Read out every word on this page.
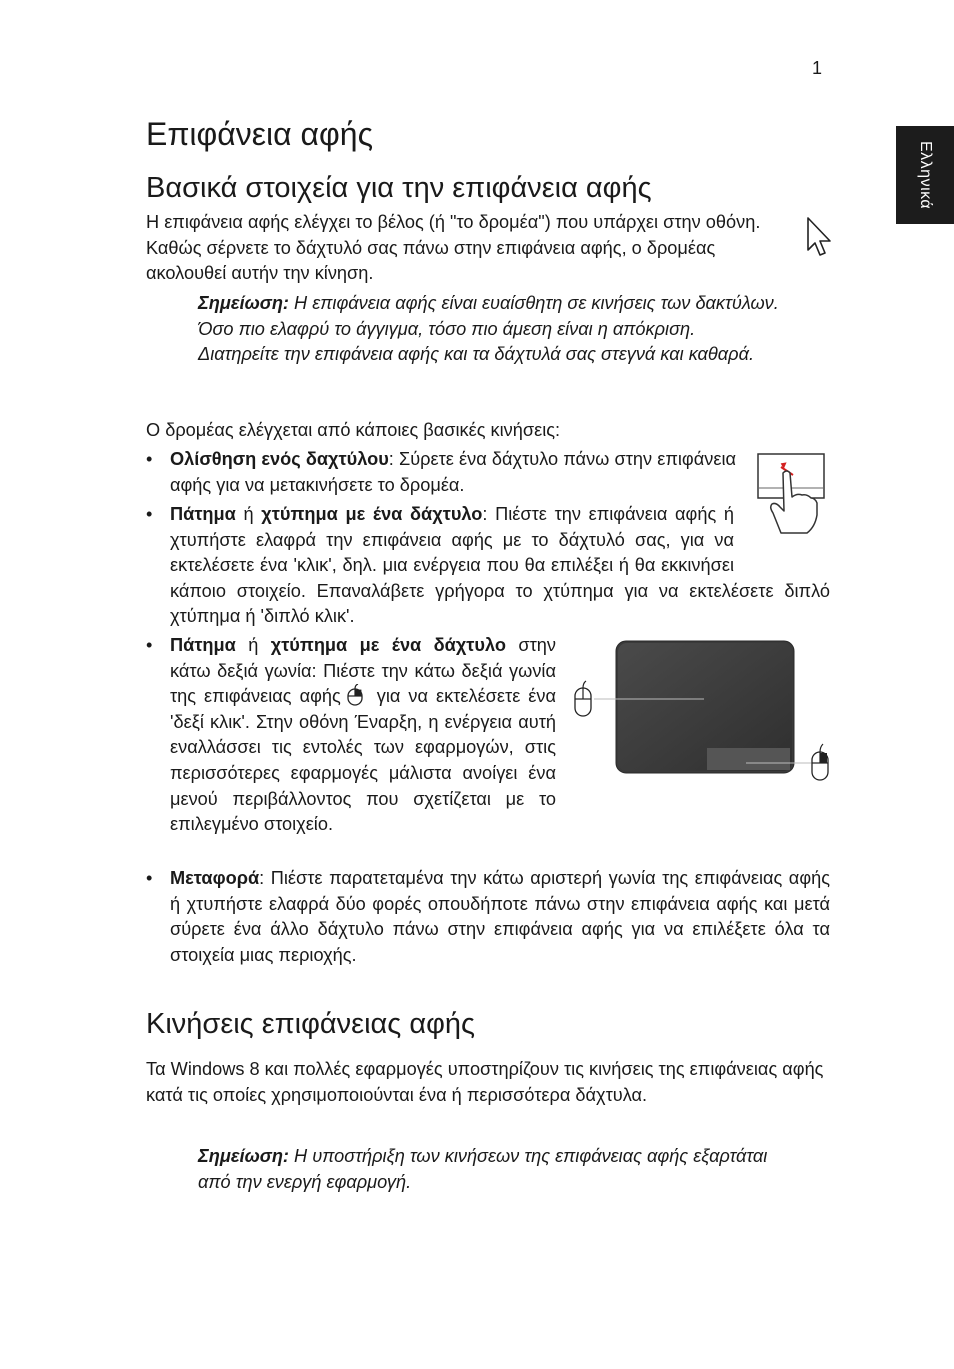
1
Ελληνικά
Επιφάνεια αφής
Βασικά στοιχεία για την επιφάνεια αφής

Η επιφάνεια αφής ελέγχει το βέλος (ή "το δρομέα") που υπάρχει στην οθόνη. Καθώς σέρνετε το δάχτυλό σας πάνω στην επιφάνεια αφής, ο δρομέας ακολουθεί αυτήν την κίνηση.

Σημείωση: Η επιφάνεια αφής είναι ευαίσθητη σε κινήσεις των δακτύλων. Όσο πιο ελαφρύ το άγγιγμα, τόσο πιο άμεση είναι η απόκριση.

Διατηρείτε την επιφάνεια αφής και τα δάχτυλά σας στεγνά και καθαρά.

Ο δρομέας ελέγχεται από κάποιες βασικές κινήσεις:

• Ολίσθηση ενός δαχτύλου: Σύρετε ένα δάχτυλο πάνω στην επιφάνεια αφής για να μετακινήσετε το δρομέα.
• Πάτημα ή χτύπημα με ένα δάχτυλο: Πιέστε την επιφάνεια αφής ή χτυπήστε ελαφρά την επιφάνεια αφής με το δάχτυλό σας, για να εκτελέσετε ένα 'κλικ', δηλ. μια ενέργεια που θα επιλέξει ή θα εκκινήσει κάποιο στοιχείο. Επαναλάβετε γρήγορα το χτύπημα για να εκτελέσετε διπλό χτύπημα ή 'διπλό κλικ'.
• Πάτημα ή χτύπημα με ένα δάχτυλο στην κάτω δεξιά γωνία: Πιέστε την κάτω δεξιά γωνία της επιφάνειας αφής για να εκτελέσετε ένα 'δεξί κλικ'. Στην οθόνη Έναρξη, η ενέργεια αυτή εναλλάσσει τις εντολές των εφαρμογών, στις περισσότερες εφαρμογές μάλιστα ανοίγει ένα μενού περιβάλλοντος που σχετίζεται με το επιλεγμένο στοιχείο.
• Μεταφορά: Πιέστε παρατεταμένα την κάτω αριστερή γωνία της επιφάνειας αφής ή χτυπήστε ελαφρά δύο φορές οπουδήποτε πάνω στην επιφάνεια αφής και μετά σύρετε ένα άλλο δάχτυλο πάνω στην επιφάνεια αφής για να επιλέξετε όλα τα στοιχεία μιας περιοχής.
Κινήσεις επιφάνειας αφής

Τα Windows 8 και πολλές εφαρμογές υποστηρίζουν τις κινήσεις της επιφάνειας αφής κατά τις οποίες χρησιμοποιούνται ένα ή περισσότερα δάχτυλα.

Σημείωση: Η υποστήριξη των κινήσεων της επιφάνειας αφής εξαρτάται από την ενεργή εφαρμογή.
